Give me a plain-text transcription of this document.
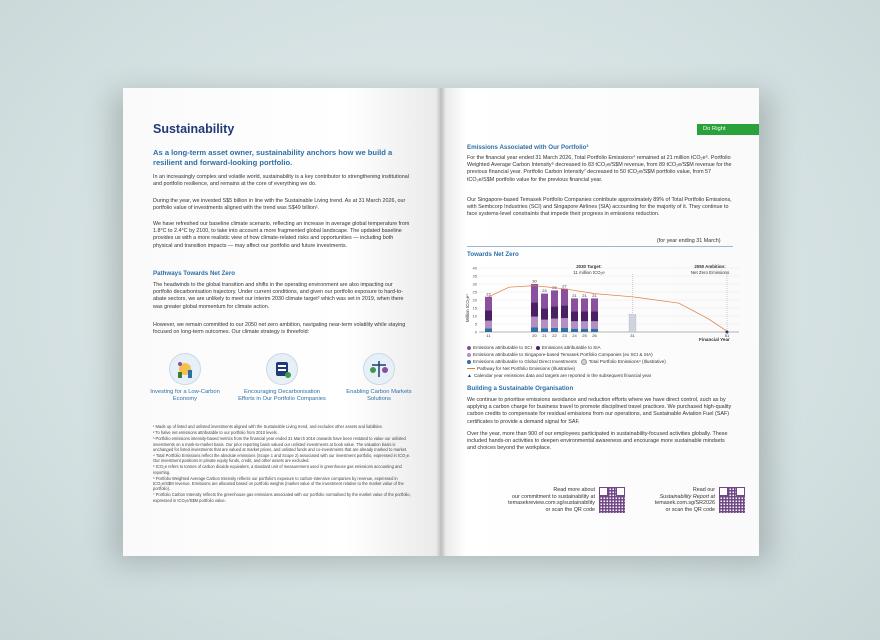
Sustainability
As a long-term asset owner, sustainability anchors how we build a resilient and forward-looking portfolio.
In an increasingly complex and volatile world, sustainability is a key contributor to strengthening institutional and portfolio resilience, and remains at the core of everything we do.
During the year, we invested S$5 billion in line with the Sustainable Living trend. As at 31 March 2026, our portfolio value of investments aligned with the trend was S$49 billion¹.
We have refreshed our baseline climate scenario, reflecting an increase in average global temperature from 1.8°C to 2.4°C by 2100, to take into account a more fragmented global landscape. The updated baseline provides us with a more realistic view of how climate-related risks and opportunities — including both physical and transition impacts — may affect our portfolio and future investments.
Pathways Towards Net Zero
The headwinds to the global transition and shifts in the operating environment are also impacting our portfolio decarbonisation trajectory. Under current conditions, and given our portfolio exposure to hard-to-abate sectors, we are unlikely to meet our interim 2030 climate target² which was set in 2019, when there was greater global momentum for climate action.
However, we remain committed to our 2050 net zero ambition, navigating near-term volatility while staying focused on long-term outcomes. Our climate strategy is threefold:
Investing for a Low-Carbon Economy
Encouraging Decarbonisation Efforts in Our Portfolio Companies
Enabling Carbon Markets Solutions

¹ Made up of listed and unlisted investments aligned with the Sustainable Living trend, and excludes other assets and liabilities.

² To halve net emissions attributable to our portfolio from 2010 levels.

³ Portfolio emissions intensity-based metrics from the financial year ended 31 March 2016 onwards have been restated to value our unlisted investments on a mark-to-market basis. Our prior reporting basis valued our unlisted investments at book value. The valuation basis is unchanged for listed investments that are valued at market prices, and unlisted funds and co-investments that are already marked to market.

⁴ Total Portfolio Emissions reflect the absolute emissions (Scope 1 and Scope 2) associated with our investment portfolio, expressed in tCO₂e. Our investment positions in private equity funds, credit, and other assets are excluded.

⁵ tCO₂e refers to tonnes of carbon dioxide equivalent, a standard unit of measurement used in greenhouse gas emissions accounting and reporting.

⁶ Portfolio Weighted Average Carbon Intensity reflects our portfolio's exposure to carbon-intensive companies by revenue, expressed in tCO₂e/S$M revenue. Emissions are allocated based on portfolio weights (market value of the investment relative to the market value of the portfolio).

⁷ Portfolio Carbon Intensity reflects the greenhouse gas emissions associated with our portfolio normalised by the market value of the portfolio, expressed in tCO₂e/S$M portfolio value.

Do Right
Emissions Associated with Our Portfolio³
For the financial year ended 31 March 2026, Total Portfolio Emissions⁴ remained at 21 million tCO₂e⁵. Portfolio Weighted Average Carbon Intensity⁶ decreased to 83 tCO₂e/S$M revenue, from 89 tCO₂e/S$M revenue for the previous financial year. Portfolio Carbon Intensity⁷ decreased to 50 tCO₂e/S$M portfolio value, from 57 tCO₂e/S$M portfolio value for the previous financial year.
Our Singapore-based Temasek Portfolio Companies contribute approximately 89% of Total Portfolio Emissions, with Sembcorp Industries (SCI) and Singapore Airlines (SIA) accounting for the majority of it. They continue to face systems-level constraints that impede their progress in emissions reduction.
(for year ending 31 March)
Towards Net Zero
Million tCO₂e⁴
0
5
10
15
20
25
30
35
40
22
30
24
26 27
21 21 21
11	20 21 22 23 24 25 26	31	51
2030 Target:
11 million tCO₂e
2050 Ambition:
Net Zero Emissions
Financial Year
Emissions attributable to SCI Emissions attributable to SIA
Emissions attributable to Singapore-based Temasek Portfolio Companies (ex SCI & SIA)
Emissions attributable to Global Direct Investments	Total Portfolio Emissions⁴ (Illustrative)
Pathway for Net Portfolio Emissions (Illustrative)
▲ Calendar year emissions data and targets are reported in the subsequent financial year
Building a Sustainable Organisation
We continue to prioritise emissions avoidance and reduction efforts where we have direct control, such as by applying a carbon charge for business travel to promote disciplined travel practices. We purchased high-quality carbon credits to compensate for residual emissions from our operations, and Sustainable Aviation Fuel (SAF) certificates to provide a demand signal for SAF.
Over the year, more than 900 of our employees participated in sustainability-focused activities globally. These included hands-on activities to deepen environmental awareness and encourage more sustainable mindsets and choices beyond the workplace.
Read more about
our commitment to sustainability at
temasekreview.com.sg/sustainability
or scan the QR code
Read our
Sustainability Report at
temasek.com.sg/SR2026
or scan the QR code
